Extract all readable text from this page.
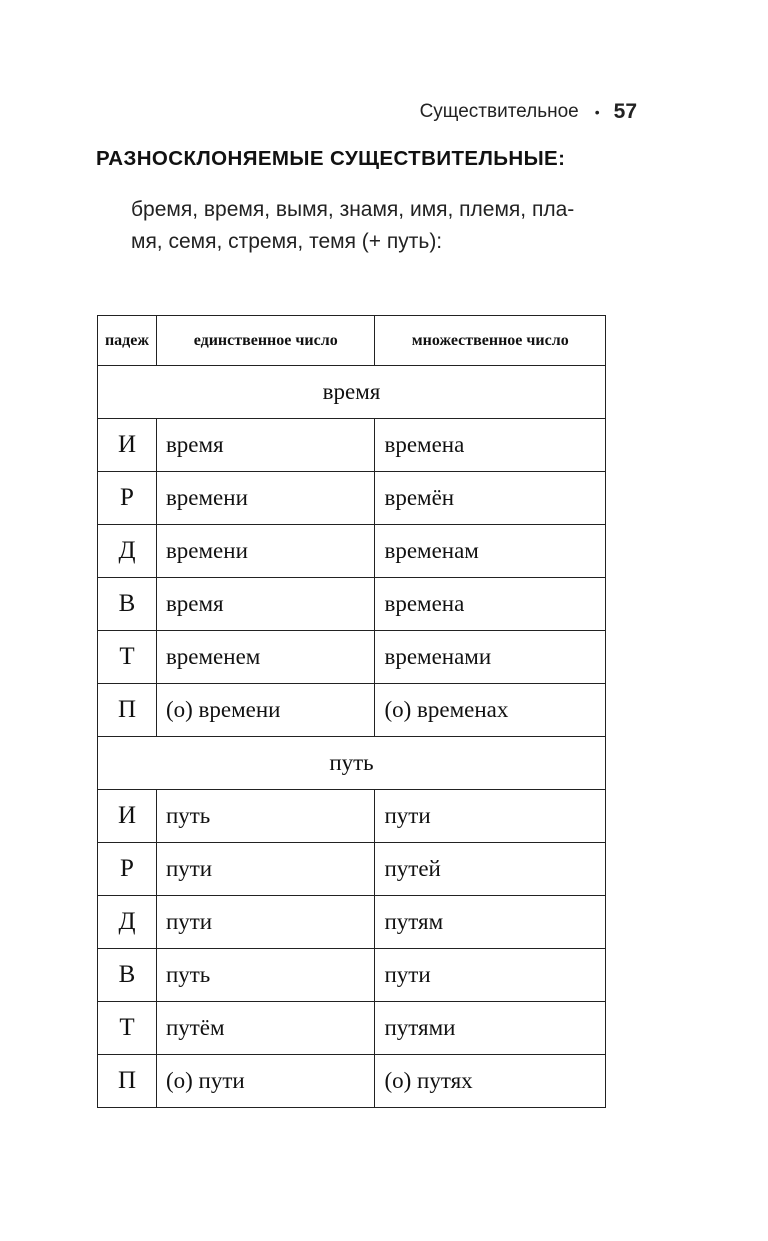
Существительное • 57
РАЗНОСКЛОНЯЕМЫЕ СУЩЕСТВИТЕЛЬНЫЕ:

бремя, время, вымя, знамя, имя, племя, пла-

мя, семя, стремя, темя (+ путь):

падеж	единственное число	множественное число
время		
И	время	времена
Р	времени	времён
Д	времени	временам
В	время	времена
Т	временем	временами
П	(о) времени	(о) временах
путь		
И	путь	пути
Р	пути	путей
Д	пути	путям
В	путь	пути
Т	путём	путями
П	(о) пути	(о) путях
